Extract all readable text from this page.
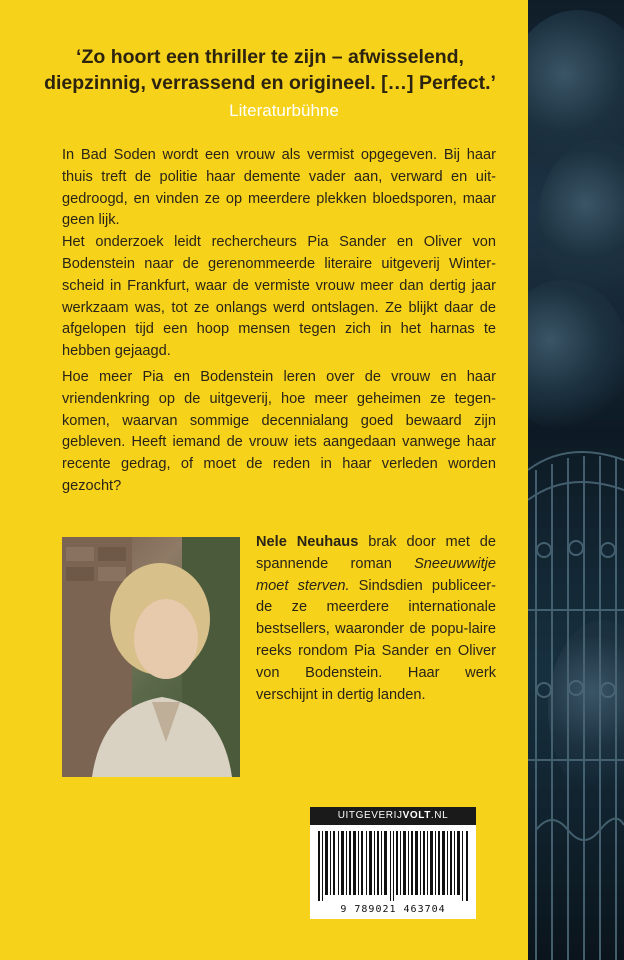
‘Zo hoort een thriller te zijn – afwisselend,
diepzinnig, verrassend en origineel. […] Perfect.’
Literaturbühne
In Bad Soden wordt een vrouw als vermist opgegeven. Bij haar thuis treft de politie haar demente vader aan, verward en uit-gedroogd, en vinden ze op meerdere plekken bloedsporen, maar geen lijk.
Het onderzoek leidt rechercheurs Pia Sander en Oliver von Bodenstein naar de gerenommeerde literaire uitgeverij Winter-scheid in Frankfurt, waar de vermiste vrouw meer dan dertig jaar werkzaam was, tot ze onlangs werd ontslagen. Ze blijkt daar de afgelopen tijd een hoop mensen tegen zich in het harnas te hebben gejaagd.
Hoe meer Pia en Bodenstein leren over de vrouw en haar vriendenkring op de uitgeverij, hoe meer geheimen ze tegen-komen, waarvan sommige decennialang goed bewaard zijn gebleven. Heeft iemand de vrouw iets aangedaan vanwege haar recente gedrag, of moet de reden in haar verleden worden gezocht?
Nele Neuhaus brak door met de spannende roman Sneeuwwitje moet sterven. Sindsdien publiceer-de ze meerdere internationale bestsellers, waaronder de popu-laire reeks rondom Pia Sander en Oliver von Bodenstein. Haar werk verschijnt in dertig landen.
UITGEVERIJVOLT.NL
9 789021 463704
